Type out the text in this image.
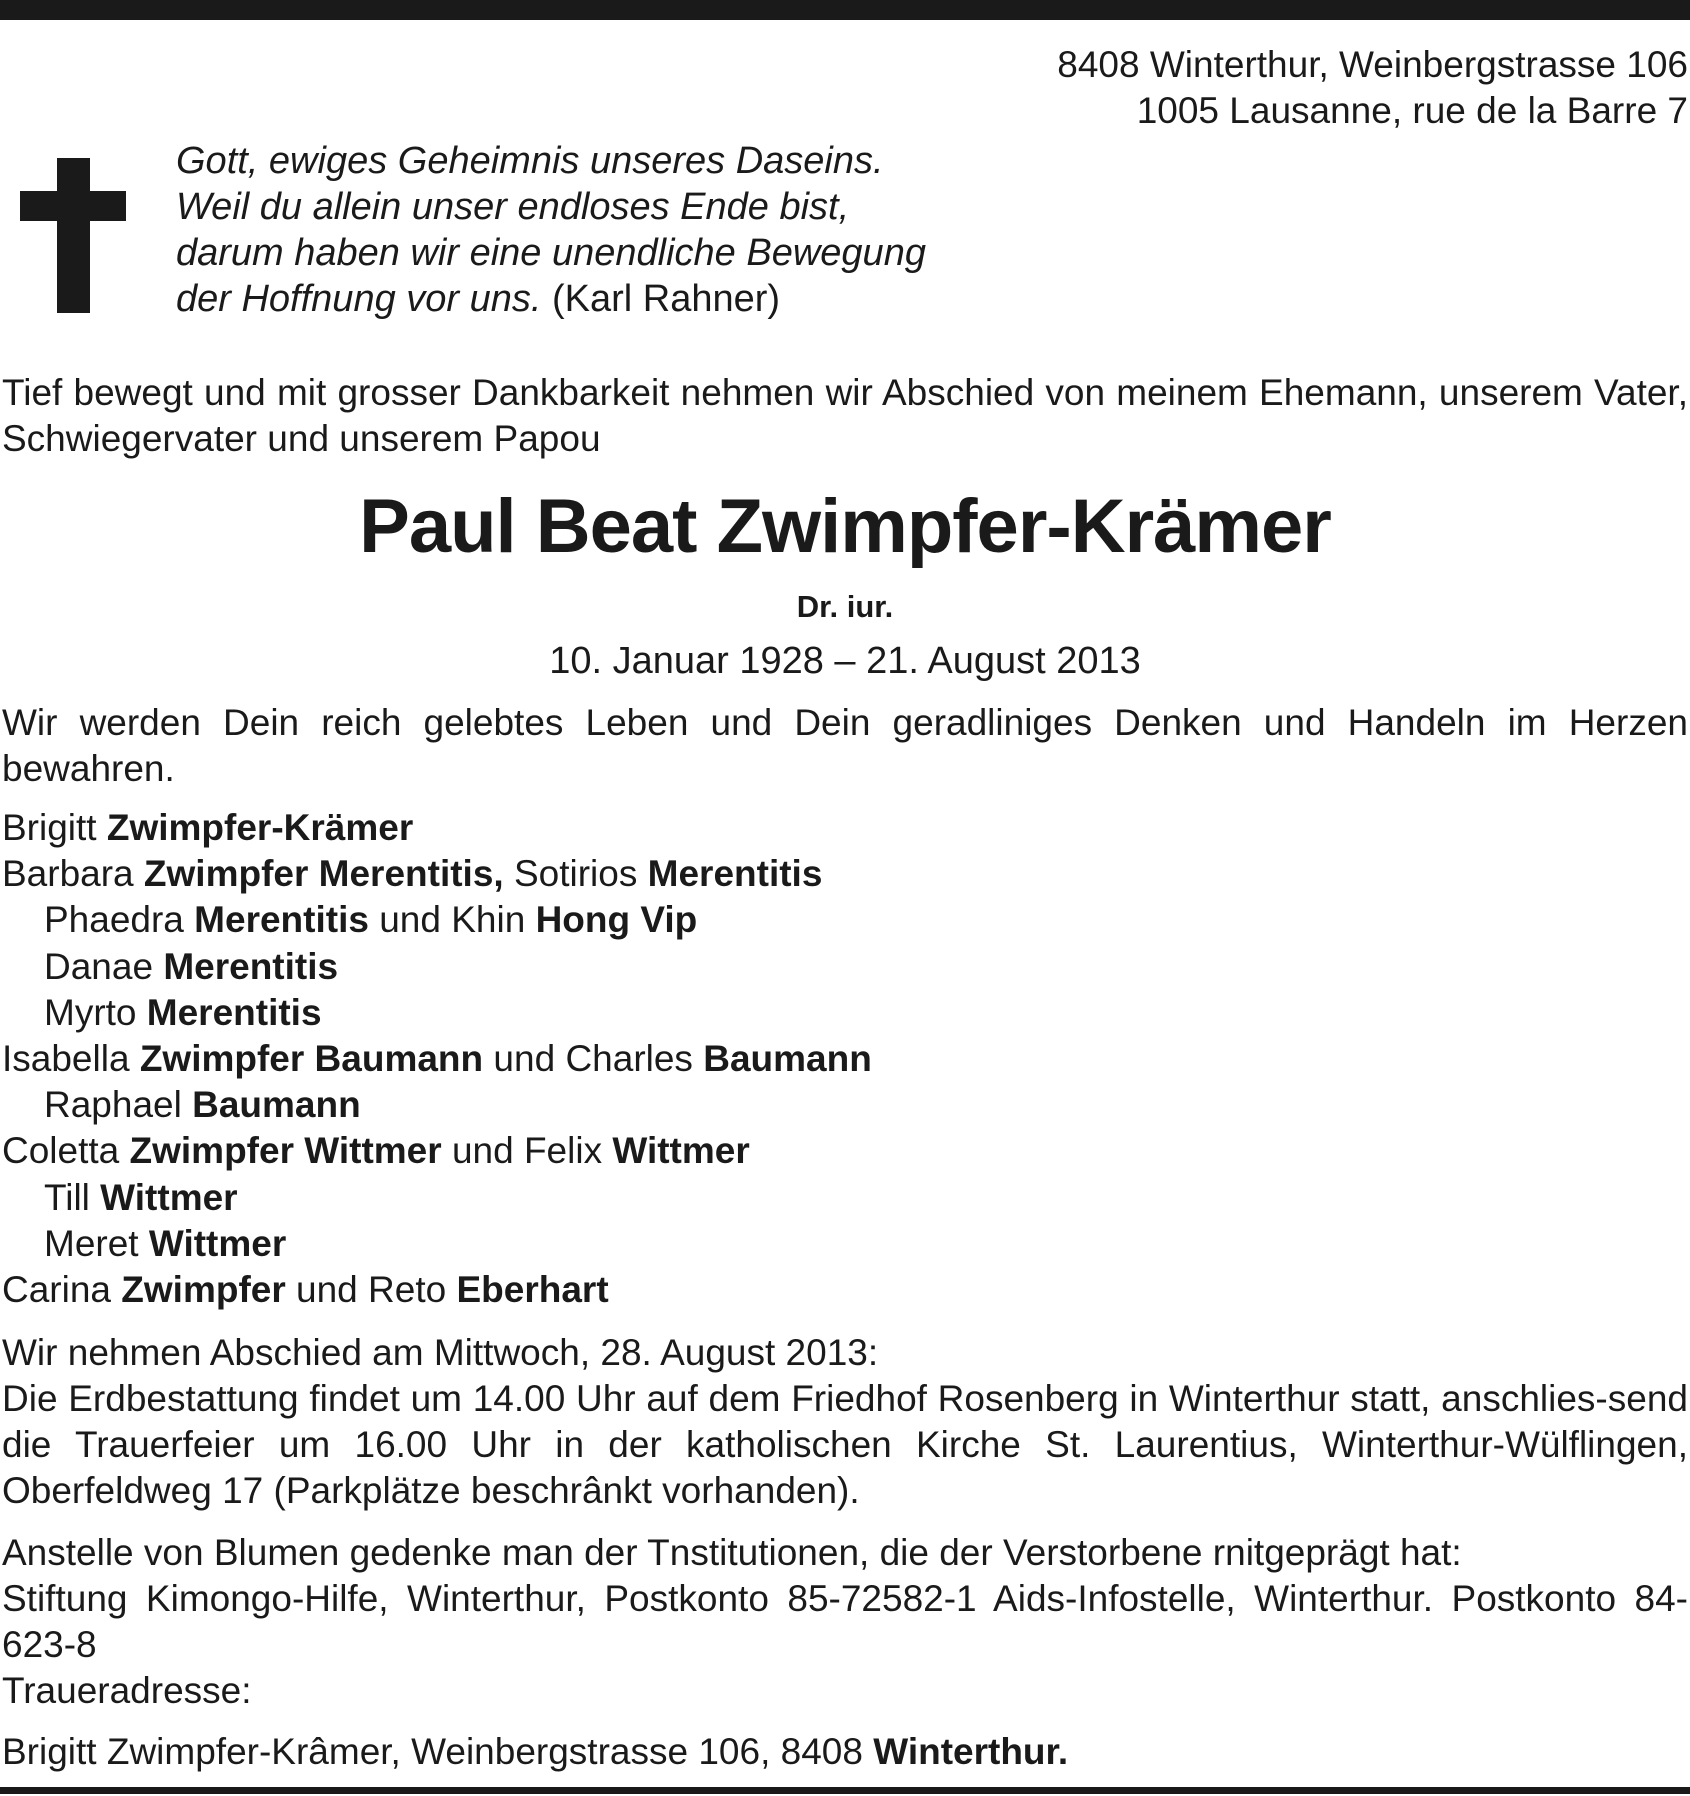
8408 Winterthur, Weinbergstrasse 106
1005 Lausanne, rue de la Barre 7
Gott, ewiges Geheimnis unseres Daseins.
Weil du allein unser endloses Ende bist,
darum haben wir eine unendliche Bewegung
der Hoffnung vor uns. (Karl Rahner)
Tief bewegt und mit grosser Dankbarkeit nehmen wir Abschied von meinem Ehemann, unserem Vater, Schwiegervater und unserem Papou
Paul Beat Zwimpfer-Krämer
Dr. iur.
10. Januar 1928 – 21. August 2013
Wir werden Dein reich gelebtes Leben und Dein geradliniges Denken und Handeln im Herzen bewahren.
Brigitt Zwimpfer-Krämer
Barbara Zwimpfer Merentitis, Sotirios Merentitis
Phaedra Merentitis und Khin Hong Vip
Danae Merentitis
Myrto Merentitis
Isabella Zwimpfer Baumann und Charles Baumann
Raphael Baumann
Coletta Zwimpfer Wittmer und Felix Wittmer
Till Wittmer
Meret Wittmer
Carina Zwimpfer und Reto Eberhart
Wir nehmen Abschied am Mittwoch, 28. August 2013:
Die Erdbestattung findet um 14.00 Uhr auf dem Friedhof Rosenberg in Winterthur statt, anschlies-send die Trauerfeier um 16.00 Uhr in der katholischen Kirche St. Laurentius, Winterthur-Wülflingen, Oberfeldweg 17 (Parkplätze beschrânkt vorhanden).
Anstelle von Blumen gedenke man der Tnstitutionen, die der Verstorbene rnitgeprägt hat:
Stiftung Kimongo-Hilfe, Winterthur, Postkonto 85-72582-1 Aids-Infostelle, Winterthur. Postkonto 84-623-8
Traueradresse:
Brigitt Zwimpfer-Krâmer, Weinbergstrasse 106, 8408 Winterthur.
